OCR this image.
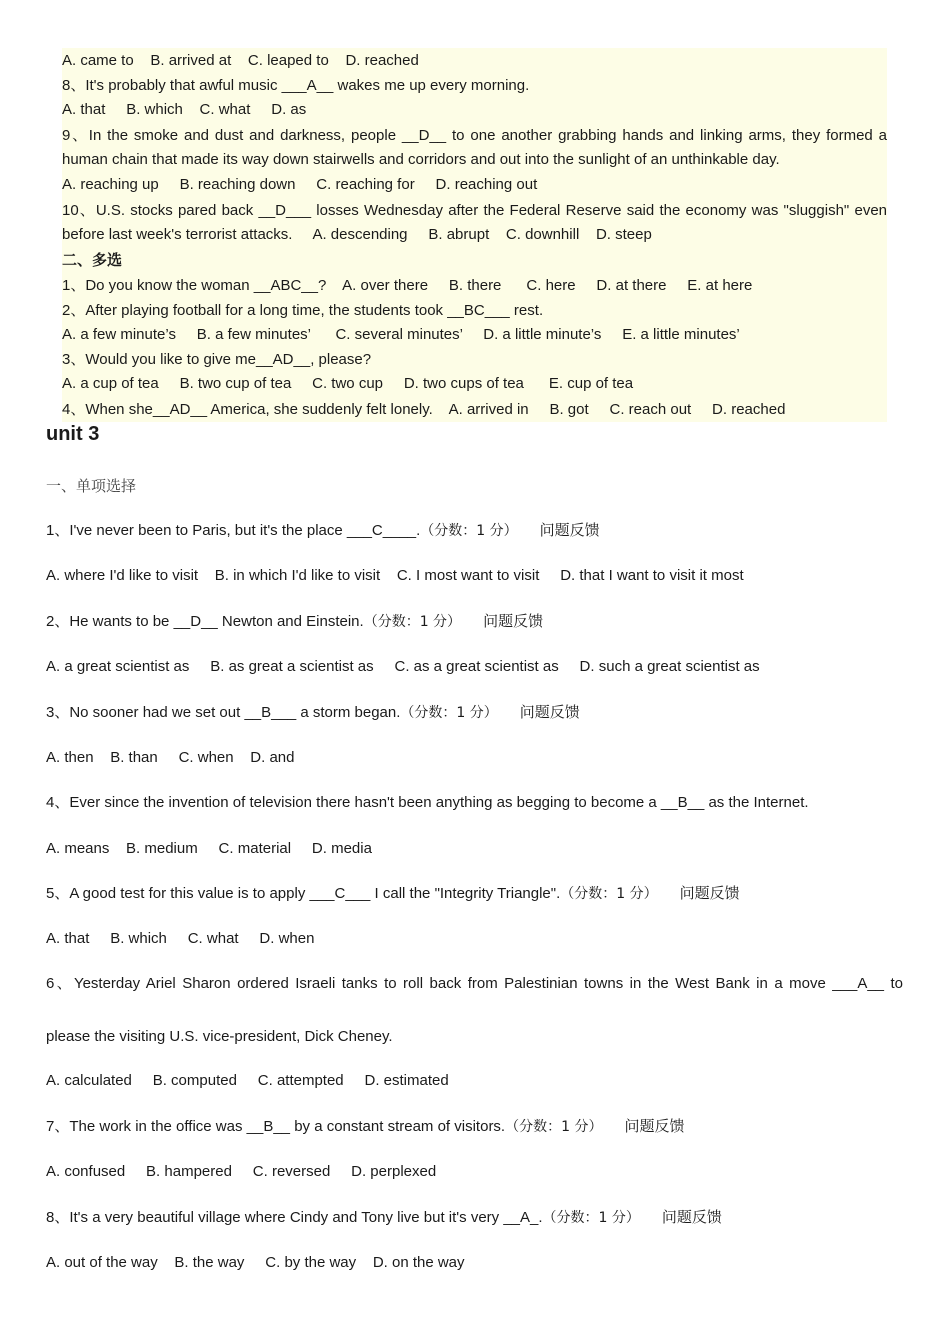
A. came to    B. arrived at    C. leaped to    D. reached
8、It's probably that awful music ___A__ wakes me up every morning.
A. that     B. which    C. what     D. as
9、In the smoke and dust and darkness, people __D__ to one another grabbing hands and linking arms, they formed a
human chain that made its way down stairwells and corridors and out into the sunlight of an unthinkable day.
A. reaching up     B. reaching down     C. reaching for     D. reaching out
10、U.S. stocks pared back __D___ losses Wednesday after the Federal Reserve said the economy was "sluggish" even
before last week's terrorist attacks.     A. descending     B. abrupt    C. downhill    D. steep
二、多选
1、Do you know the woman __ABC__?    A. over there     B. there      C. here     D. at there     E. at here
2、After playing football for a long time, the students took __BC___ rest.
A. a few minute’s     B. a few minutes’      C. several minutes’     D. a little minute’s     E. a little minutes’
3、Would you like to give me__AD__, please?
A. a cup of tea     B. two cup of tea     C. two cup     D. two cups of tea      E. cup of tea
4、When she__AD__ America, she suddenly felt lonely.    A. arrived in     B. got     C. reach out     D. reached
unit 3
一、单项选择
1、I've never been to Paris, but it's the place ___C____.（分数：1 分） 问题反馈
A. where I'd like to visit    B. in which I'd like to visit    C. I most want to visit     D. that I want to visit it most
2、He wants to be __D__ Newton and Einstein.（分数：1 分） 问题反馈
A. a great scientist as     B. as great a scientist as     C. as a great scientist as     D. such a great scientist as
3、No sooner had we set out __B___ a storm began.（分数：1 分） 问题反馈
A. then    B. than     C. when    D. and
4、Ever since the invention of television there hasn't been anything as begging to become a __B__ as the Internet.
A. means    B. medium     C. material     D. media
5、A good test for this value is to apply ___C___ I call the "Integrity Triangle".（分数：1 分） 问题反馈
A. that     B. which     C. what     D. when
6、Yesterday Ariel Sharon ordered Israeli tanks to roll back from Palestinian towns in the West Bank in a move ___A__ to
please the visiting U.S. vice-president, Dick Cheney.
A. calculated     B. computed     C. attempted     D. estimated
7、The work in the office was __B__ by a constant stream of visitors.（分数：1 分） 问题反馈
A. confused     B. hampered     C. reversed     D. perplexed
8、It's a very beautiful village where Cindy and Tony live but it's very __A_.（分数：1 分） 问题反馈
A. out of the way    B. the way     C. by the way    D. on the way
